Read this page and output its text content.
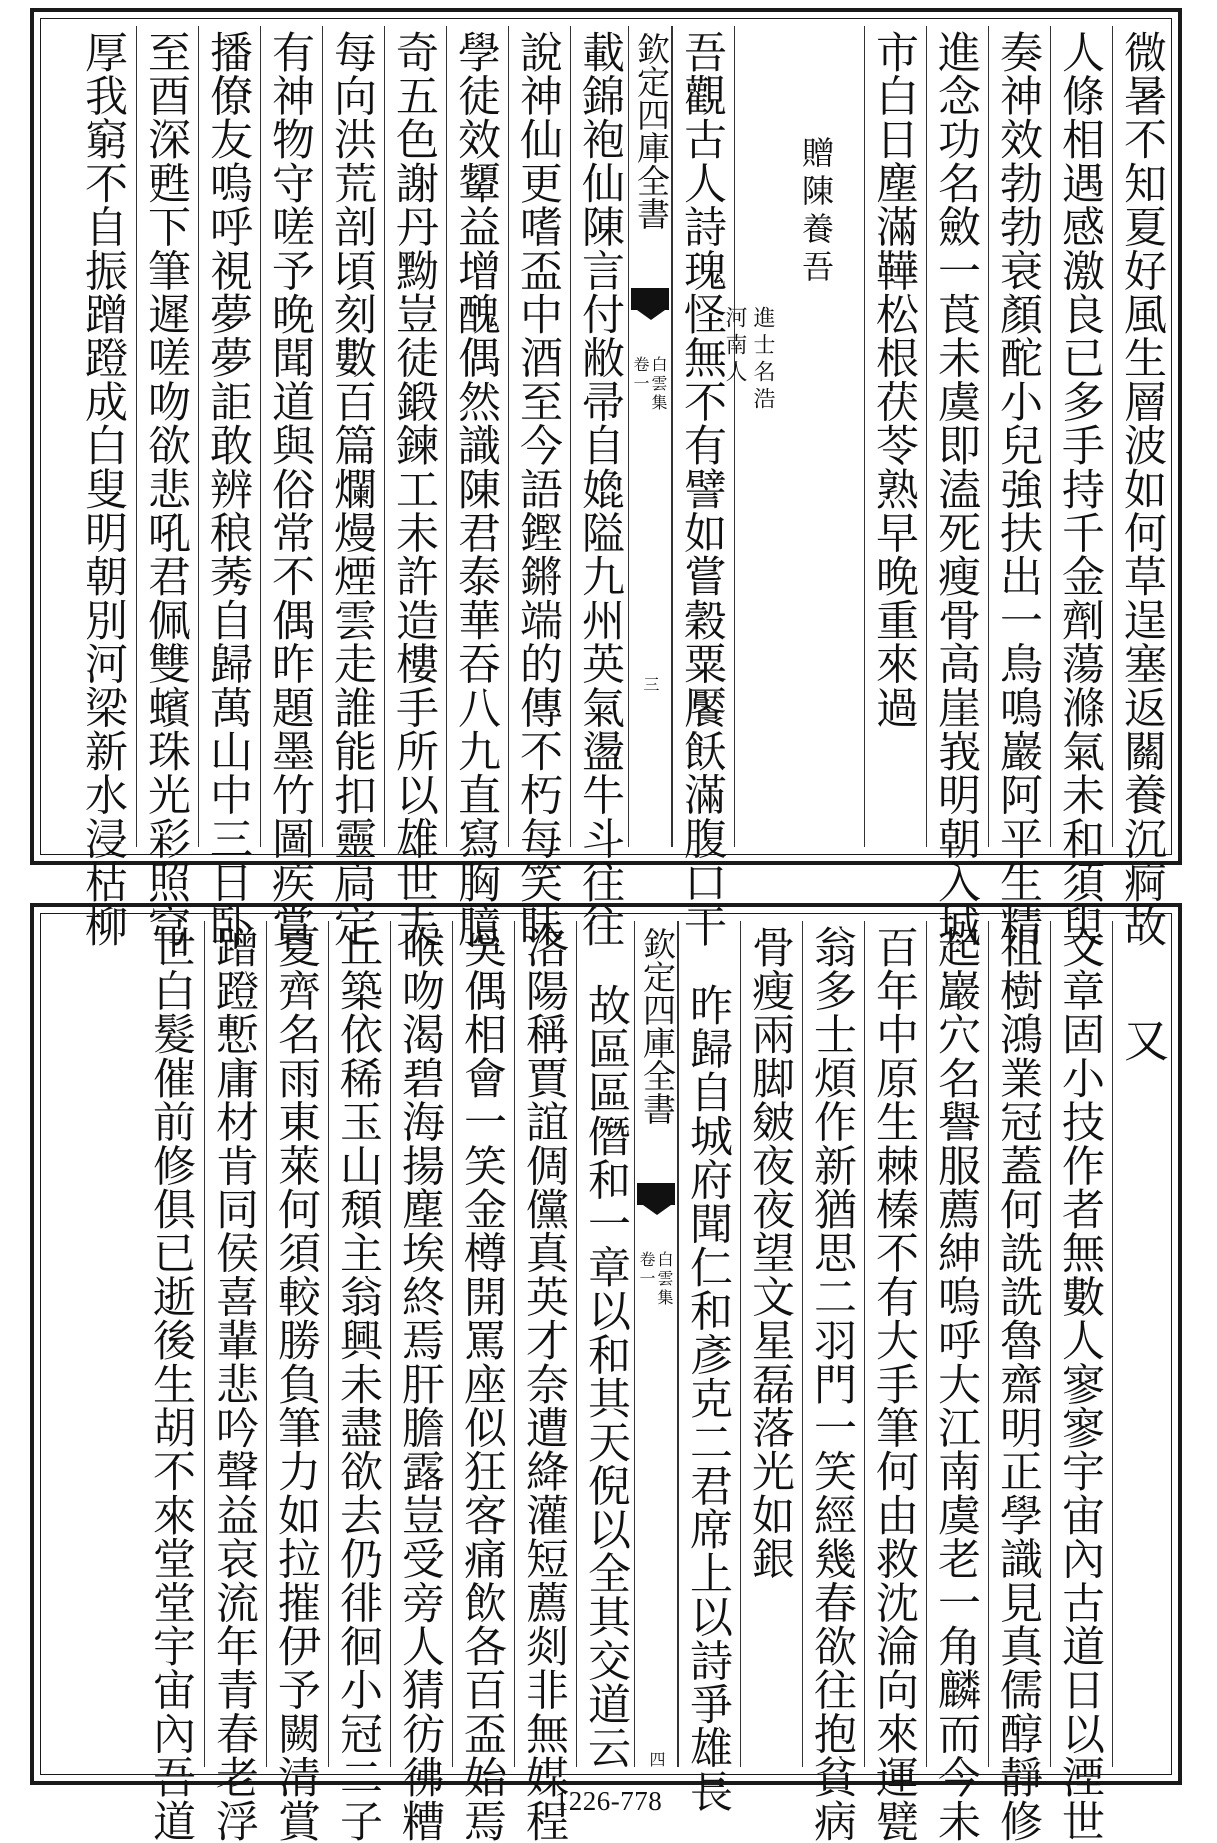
微暑不知夏好風生層波如何草逞塞返關養沉痾故
人條相遇感激良已多手持千金劑蕩滌氣未和須臾
奏神效勃勃衰顏酡小兒強扶出一鳥鳴巖阿平生精
進念功名斂一莨未虞即溘死瘦骨高崖峩明朝入城
市白日塵滿鞾松根茯苓熟早晚重來過
贈陳養吾
進士名浩
河南人
吾觀古人詩瑰怪無不有譬如嘗穀粟饜飫滿腹口干
欽定四庫全書
白雲集
卷一
三
載錦袍仙陳言付敝帚自嫓隘九州英氣盪牛斗往往
說神仙更嗜盃中酒至今語鏗鏘端的傳不朽每笑眛
學徒效顰益增醜偶然識陳君泰華吞八九直寫胸臆
奇五色謝丹黝豈徒鍛鍊工未許造樓手所以雄世夫
每向洪荒剖頃刻數百篇爛熳煙雲走誰能扣靈扃定
有神物守嗟予晚聞道與俗常不偶昨題墨竹圖疾賞
播僚友嗚呼視夢夢詎敢辨稂莠自歸萬山中三日卧
至酉深甦下筆遲嗟吻欲悲吼君佩雙蠙珠光彩照穹
厚我窮不自振蹭蹬成白叟明朝別河梁新水浸枯柳
又
文章固小技作者無數人寥寥宇宙內古道日以湮世
祖樹鴻業冠蓋何詵詵魯齋明正學識見真儒醇靜修
起巖穴名譽服薦紳嗚呼大江南虞老一角麟而今未
百年中原生棘榛不有大手筆何由救沈淪向來運甓
翁多士煩作新猶思二羽門一笑經幾春欲往抱貧病
骨瘦兩脚皴夜夜望文星磊落光如銀
昨歸自城府聞仁和彥克二君席上以詩爭雄長
欽定四庫全書
白雲集
卷一
四
故區區僭和一章以和其天倪以全其交道云
洛陽稱賈誼倜儻真英才奈遭絳灌短薦剡非無媒程
吳偶相會一笑金樽開罵座似狂客痛飲各百盃始焉
喉吻渴碧海揚塵埃終焉肝膽露豈受旁人猜彷彿糟
丘築依稀玉山頹主翁興未盡欲去仍徘徊小冠二子
夏齊名雨東萊何須較勝負筆力如拉摧伊予闕清賞
蹭蹬慙庸材肯同侯喜輩悲吟聲益哀流年青春老浮
世白髮催前修俱已逝後生胡不來堂堂宇宙內吾道	1226-778
